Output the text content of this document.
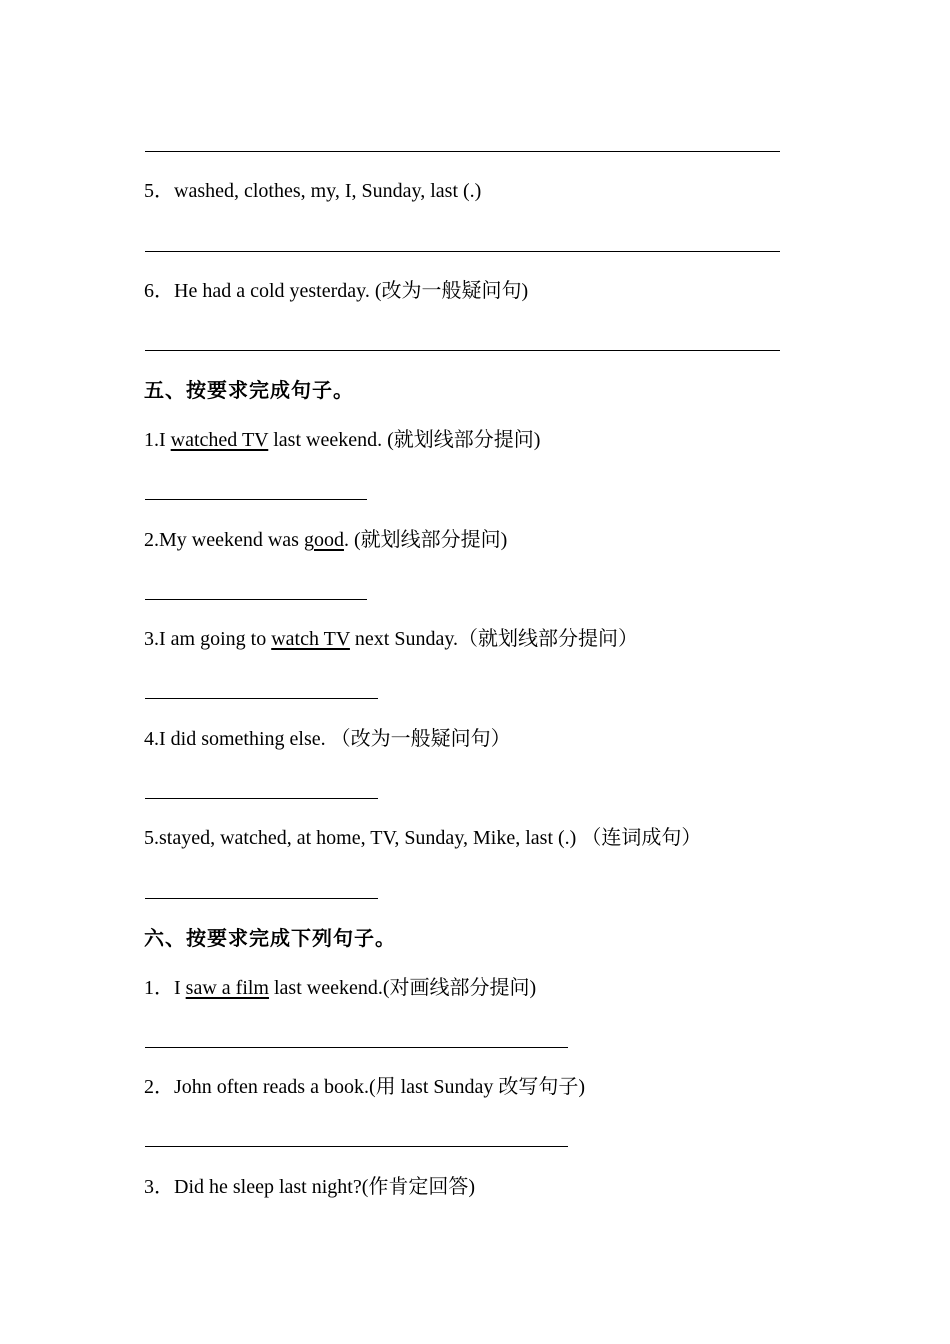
5．washed, clothes, my, I, Sunday, last (.)
6．He had a cold yesterday. (改为一般疑问句)
五、按要求完成句子。
1.I watched TV last weekend. (就划线部分提问)
2.My weekend was good. (就划线部分提问)
3.I am going to watch TV next Sunday.（就划线部分提问）
4.I did something else. （改为一般疑问句）
5.stayed, watched, at home, TV, Sunday, Mike, last (.) （连词成句）
六、按要求完成下列句子。
1．I saw a film last weekend.(对画线部分提问)
2．John often reads a book.(用 last Sunday 改写句子)
3．Did he sleep last night?(作肯定回答)
